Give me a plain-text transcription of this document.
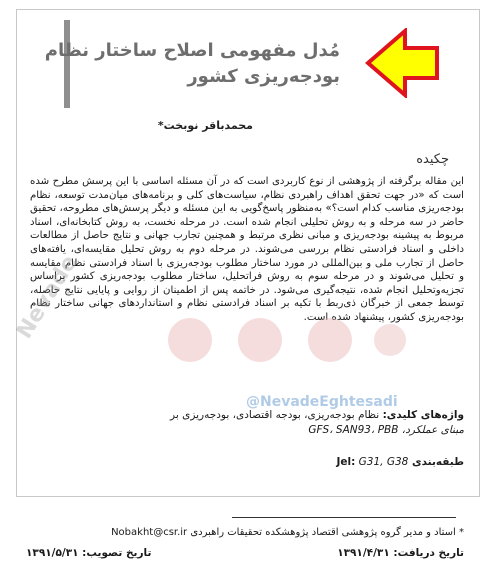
مُدل مفهومی اصلاح ساختار نظام
بودجه‌ریزی کشور
محمدباقر نوبخت*
چکیده
این مقاله برگرفته از پژوهشی از نوع کاربردی است که در آن مسئله اساسی با این پرسش مطرح شده است که «در جهت تحقق اهداف راهبردی نظام، سیاست‌های کلی و برنامه‌های میان‌مدت توسعه، نظام بودجه‌ریزی مناسب کدام است؟» به‌منظور پاسخ‌گویی به این مسئله و دیگر پرسش‌های مطروحه، تحقیق حاضر در سه مرحله و به روش تحلیلی انجام شده است. در مرحله نخست، به روش کتابخانه‌ای، اسناد مربوط به پیشینه بودجه‌ریزی و مبانی نظری مرتبط و همچنین تجارب جهانی و نتایج حاصل از مطالعات داخلی و اسناد فرادستی نظام بررسی می‌شوند. در مرحله دوم به روش تحلیل مقایسه‌ای، یافته‌های حاصل از تجارب ملی و بین‌المللی در مورد ساختار مطلوب بودجه‌ریزی با اسناد فرادستی نظام مقایسه و تحلیل می‌شوند و در مرحله سوم به روش فراتحلیل، ساختار مطلوب بودجه‌ریزی کشور براساس تجزیه‌وتحلیل انجام شده، نتیجه‌گیری می‌شود. در خاتمه پس از اطمینان از روایی و پایایی نتایج حاصله، توسط جمعی از خبرگان ذی‌ربط با تکیه بر اسناد فرادستی نظام و استانداردهای جهانی ساختار نظام بودجه‌ریزی کشور، پیشنهاد شده است.
Nevade
واژه‌های کلیدی: نظام بودجه‌ریزی، بودجه اقتصادی، بودجه‌ریزی بر
مبنای عملکرد، GFS، SAN93، PBB
@NevadeEghtesadi
طبقه‌بندی Jel: G31, G38
* استاد و مدیر گروه پژوهشی اقتصاد پژوهشکده تحقیقات راهبردی Nobakht@csr.ir
تاریخ دریافت: ۱۳۹۱/۴/۳۱
تاریخ تصویب: ۱۳۹۱/۵/۳۱
